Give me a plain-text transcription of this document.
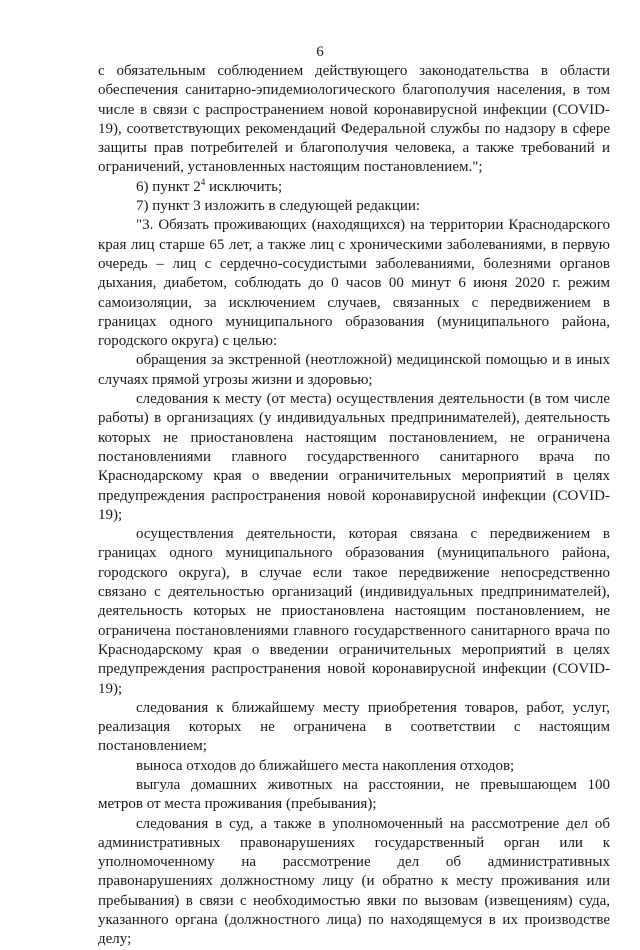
6

с обязательным соблюдением действующего законодательства в области обеспечения санитарно-эпидемиологического благополучия населения, в том числе в связи с распространением новой коронавирусной инфекции (COVID-19), соответствующих рекомендаций Федеральной службы по надзору в сфере защиты прав потребителей и благополучия человека, а также требований и ограничений, установленных настоящим постановлением.";

6) пункт $2^4$ исключить;

7) пункт 3 изложить в следующей редакции:

"3. Обязать проживающих (находящихся) на территории Краснодарского края лиц старше 65 лет, а также лиц с хроническими заболеваниями, в первую очередь – лиц с сердечно-сосудистыми заболеваниями, болезнями органов дыхания, диабетом, соблюдать до 0 часов 00 минут 6 июня 2020 г. режим самоизоляции, за исключением случаев, связанных с передвижением в границах одного муниципального образования (муниципального района, городского округа) с целью:

обращения за экстренной (неотложной) медицинской помощью и в иных случаях прямой угрозы жизни и здоровью;

следования к месту (от места) осуществления деятельности (в том числе работы) в организациях (у индивидуальных предпринимателей), деятельность которых не приостановлена настоящим постановлением, не ограничена постановлениями главного государственного санитарного врача по Краснодарскому края о введении ограничительных мероприятий в целях предупреждения распространения новой коронавирусной инфекции (COVID-19);

осуществления деятельности, которая связана с передвижением в границах одного муниципального образования (муниципального района, городского округа), в случае если такое передвижение непосредственно связано с деятельностью организаций (индивидуальных предпринимателей), деятельность которых не приостановлена настоящим постановлением, не ограничена постановлениями главного государственного санитарного врача по Краснодарскому края о введении ограничительных мероприятий в целях предупреждения распространения новой коронавирусной инфекции (COVID-19);

следования к ближайшему месту приобретения товаров, работ, услуг, реализация которых не ограничена в соответствии с настоящим постановлением;

выноса отходов до ближайшего места накопления отходов;

выгула домашних животных на расстоянии, не превышающем 100 метров от места проживания (пребывания);

следования в суд, а также в уполномоченный на рассмотрение дел об административных правонарушениях государственный орган или к уполномоченному на рассмотрение дел об административных правонарушениях должностному лицу (и обратно к месту проживания или пребывания) в связи с необходимостью явки по вызовам (извещениям) суда, указанного органа (должностного лица) по находящемуся в их производстве делу;
